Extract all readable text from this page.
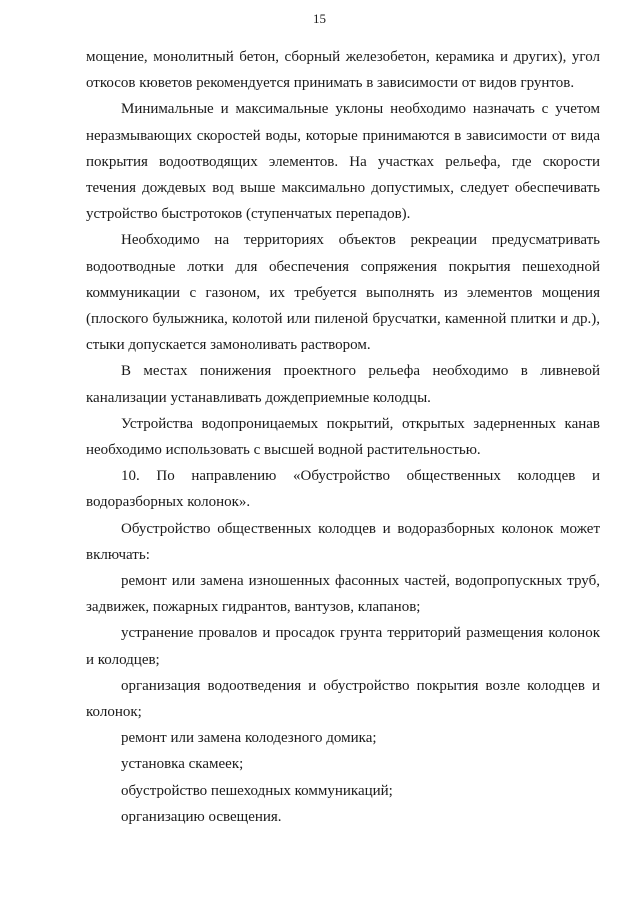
15

мощение, монолитный бетон, сборный железобетон, керамика и других), угол откосов кюветов рекомендуется принимать в зависимости от видов грунтов.

Минимальные и максимальные уклоны необходимо назначать с учетом неразмывающих скоростей воды, которые принимаются в зависимости от вида покрытия водоотводящих элементов. На участках рельефа, где скорости течения дождевых вод выше максимально допустимых, следует обеспечивать устройство быстротоков (ступенчатых перепадов).

Необходимо на территориях объектов рекреации предусматривать водоотводные лотки для обеспечения сопряжения покрытия пешеходной коммуникации с газоном, их требуется выполнять из элементов мощения (плоского булыжника, колотой или пиленой брусчатки, каменной плитки и др.), стыки допускается замоноливать раствором.

В местах понижения проектного рельефа необходимо в ливневой канализации устанавливать дождеприемные колодцы.

Устройства водопроницаемых покрытий, открытых задерненных канав необходимо использовать с высшей водной растительностью.

10. По направлению «Обустройство общественных колодцев и водоразборных колонок».

Обустройство общественных колодцев и водоразборных колонок может включать:

ремонт или замена изношенных фасонных частей, водопропускных труб, задвижек, пожарных гидрантов, вантузов, клапанов;

устранение провалов и просадок грунта территорий размещения колонок и колодцев;

организация водоотведения и обустройство покрытия возле колодцев и колонок;

ремонт или замена колодезного домика;

установка скамеек;

обустройство пешеходных коммуникаций;

организацию освещения.
